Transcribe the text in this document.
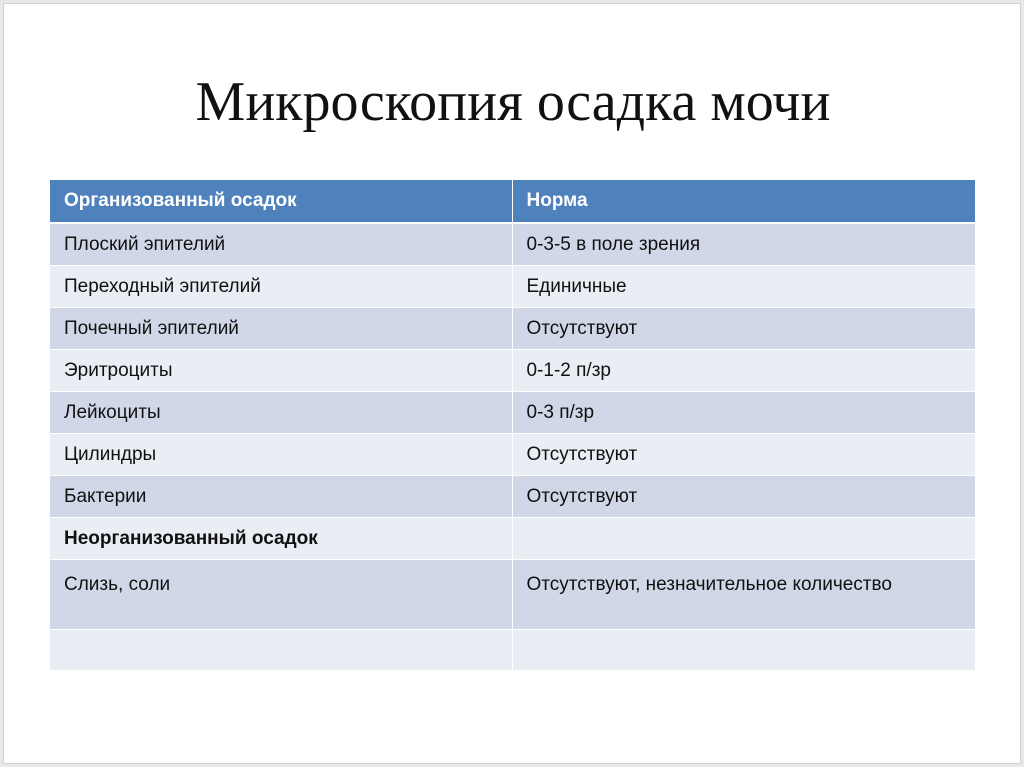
Микроскопия осадка мочи
Организованный осадок	Норма
Плоский эпителий	0-3-5 в поле зрения
Переходный эпителий	Единичные
Почечный эпителий	Отсутствуют
Эритроциты	0-1-2 п/зр
Лейкоциты	0-3 п/зр
Цилиндры	Отсутствуют
Бактерии	Отсутствуют
Неорганизованный осадок	
Слизь, соли	Отсутствуют, незначительное количество
